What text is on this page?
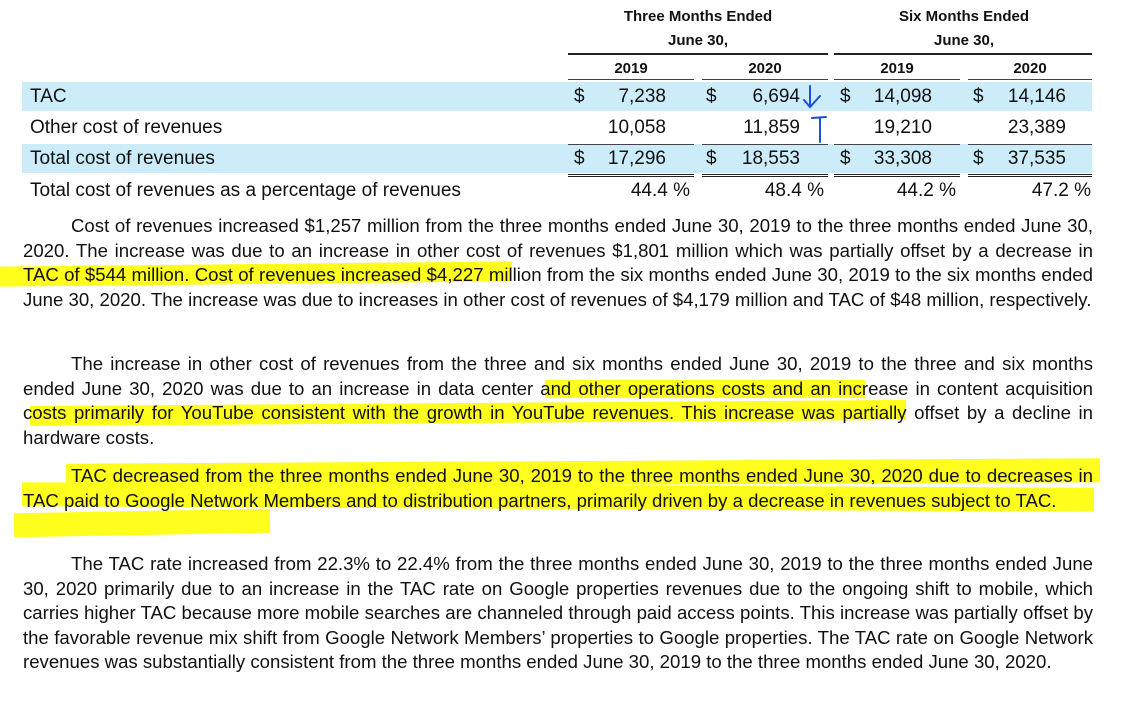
Three Months Ended
June 30,
Six Months Ended
June 30,
2019	2020	2019	2020
TAC	$	7,238 $	6,694 $	14,098 $	14,146
Other cost of revenues	10,058	11,859	19,210	23,389
Total cost of revenues	$	17,296 $	18,553 $	33,308 $	37,535
Total cost of revenues as a percentage of revenues	44.4 %	48.4 %	44.2 %	47.2 %

Cost of revenues increased $1,257 million from the three months ended June 30, 2019 to the three months ended June 30, 2020. The increase was due to an increase in other cost of revenues $1,801 million which was partially offset by a decrease in TAC of $544 million. Cost of revenues increased $4,227 million from the six months ended June 30, 2019 to the six months ended June 30, 2020. The increase was due to increases in other cost of revenues of $4,179 million and TAC of $48 million, respectively.

The increase in other cost of revenues from the three and six months ended June 30, 2019 to the three and six months ended June 30, 2020 was due to an increase in data center and other operations costs and an increase in content acquisition costs primarily for YouTube consistent with the growth in YouTube revenues. This increase was partially offset by a decline in hardware costs.

TAC decreased from the three months ended June 30, 2019 to the three months ended June 30, 2020 due to decreases in TAC paid to Google Network Members and to distribution partners, primarily driven by a decrease in revenues subject to TAC.

The TAC rate increased from 22.3% to 22.4% from the three months ended June 30, 2019 to the three months ended June 30, 2020 primarily due to an increase in the TAC rate on Google properties revenues due to the ongoing shift to mobile, which carries higher TAC because more mobile searches are channeled through paid access points. This increase was partially offset by the favorable revenue mix shift from Google Network Members’ properties to Google properties. The TAC rate on Google Network revenues was substantially consistent from the three months ended June 30, 2019 to the three months ended June 30, 2020.
